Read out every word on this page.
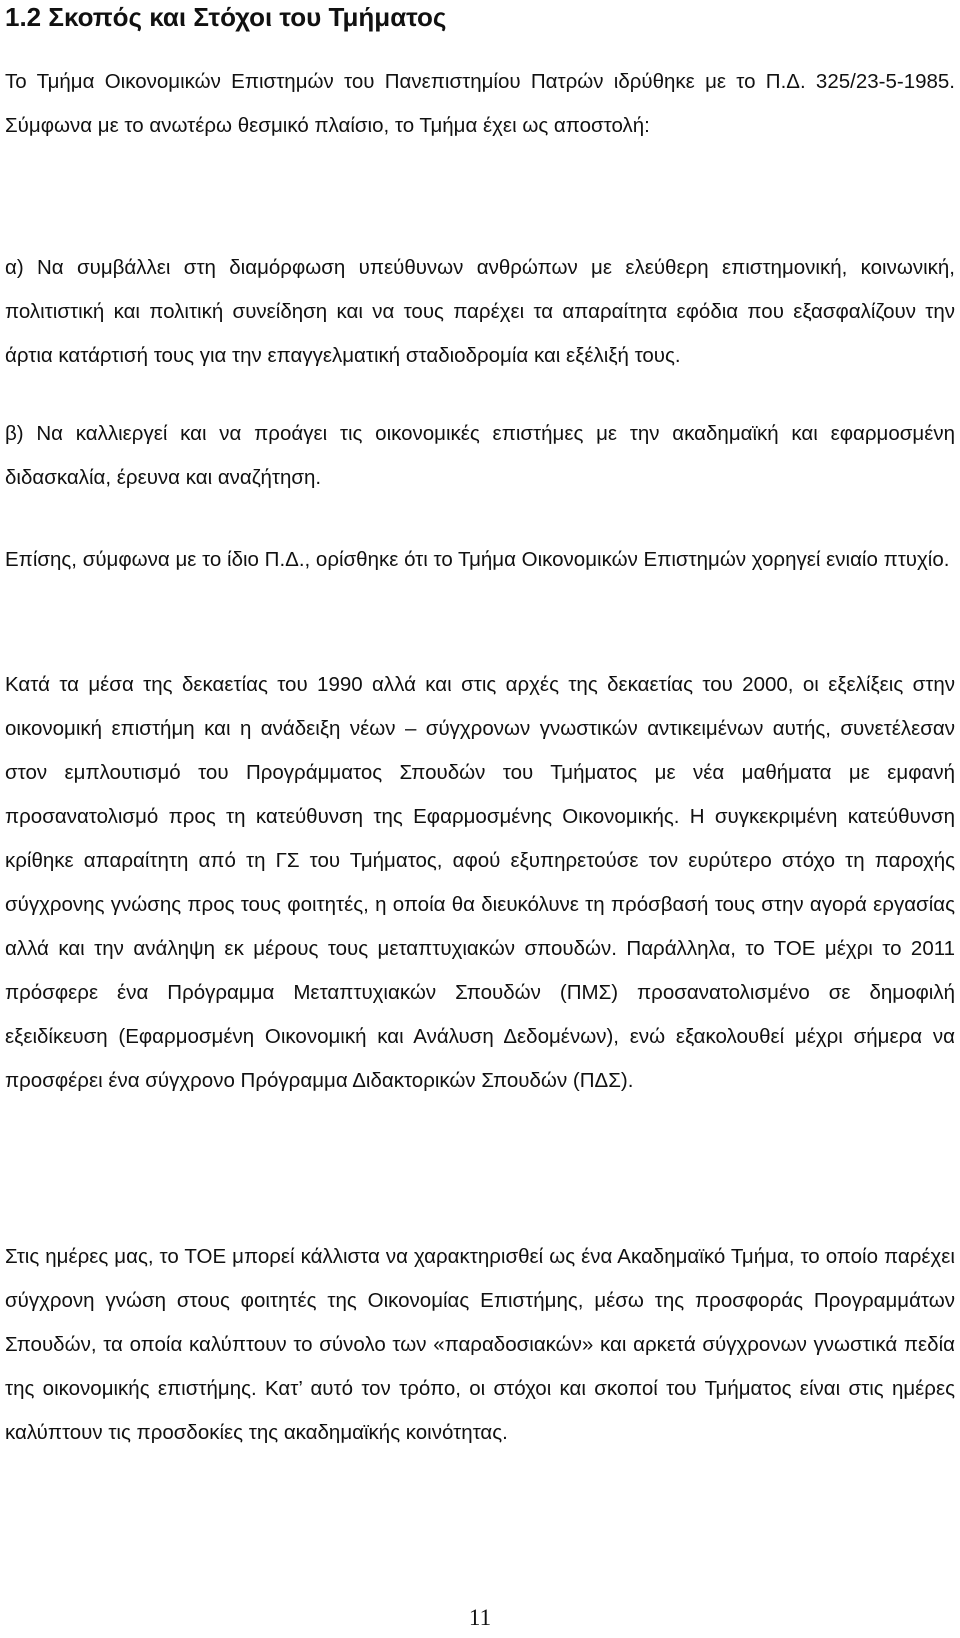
1.2 Σκοπός και Στόχοι του Τμήματος

Το Τμήμα Οικονομικών Επιστημών του Πανεπιστημίου Πατρών ιδρύθηκε με το Π.Δ. 325/23-5-1985. Σύμφωνα με το ανωτέρω θεσμικό πλαίσιο, το Τμήμα έχει ως αποστολή:

α) Να συμβάλλει στη διαμόρφωση υπεύθυνων ανθρώπων με ελεύθερη επιστημονική, κοινωνική, πολιτιστική και πολιτική συνείδηση και να τους παρέχει τα απαραίτητα εφόδια που εξασφαλίζουν την άρτια κατάρτισή τους για την επαγγελματική σταδιοδρομία και εξέλιξή τους.

β) Να καλλιεργεί και να προάγει τις οικονομικές επιστήμες με την ακαδημαϊκή και εφαρμοσμένη διδασκαλία, έρευνα και αναζήτηση.

Επίσης, σύμφωνα με το ίδιο Π.Δ., ορίσθηκε ότι το Τμήμα Οικονομικών Επιστημών χορηγεί ενιαίο πτυχίο.

Κατά τα μέσα της δεκαετίας του 1990 αλλά και στις αρχές της δεκαετίας του 2000, οι εξελίξεις στην οικονομική επιστήμη και η ανάδειξη νέων – σύγχρονων γνωστικών αντικειμένων αυτής, συνετέλεσαν στον εμπλουτισμό του Προγράμματος Σπουδών του Τμήματος με νέα μαθήματα με εμφανή προσανατολισμό προς τη κατεύθυνση της Εφαρμοσμένης Οικονομικής. Η συγκεκριμένη κατεύθυνση κρίθηκε απαραίτητη από τη ΓΣ του Τμήματος, αφού εξυπηρετούσε τον ευρύτερο στόχο τη παροχής σύγχρονης γνώσης προς τους φοιτητές, η οποία θα διευκόλυνε τη πρόσβασή τους στην αγορά εργασίας αλλά και την ανάληψη εκ μέρους τους μεταπτυχιακών σπουδών. Παράλληλα, το ΤΟΕ μέχρι το 2011 πρόσφερε ένα Πρόγραμμα Μεταπτυχιακών Σπουδών (ΠΜΣ) προσανατολισμένο σε δημοφιλή εξειδίκευση (Εφαρμοσμένη Οικονομική και Ανάλυση Δεδομένων), ενώ εξακολουθεί μέχρι σήμερα να προσφέρει ένα σύγχρονο Πρόγραμμα Διδακτορικών Σπουδών (ΠΔΣ).

Στις ημέρες μας, το ΤΟΕ μπορεί κάλλιστα να χαρακτηρισθεί ως ένα Ακαδημαϊκό Τμήμα, το οποίο παρέχει σύγχρονη γνώση στους φοιτητές της Οικονομίας Επιστήμης, μέσω της προσφοράς Προγραμμάτων Σπουδών, τα οποία καλύπτουν το σύνολο των «παραδοσιακών» και αρκετά σύγχρονων γνωστικά πεδία της οικονομικής επιστήμης. Κατ’ αυτό τον τρόπο, οι στόχοι και σκοποί του Τμήματος είναι στις ημέρες καλύπτουν τις προσδοκίες της ακαδημαϊκής κοινότητας.

11
